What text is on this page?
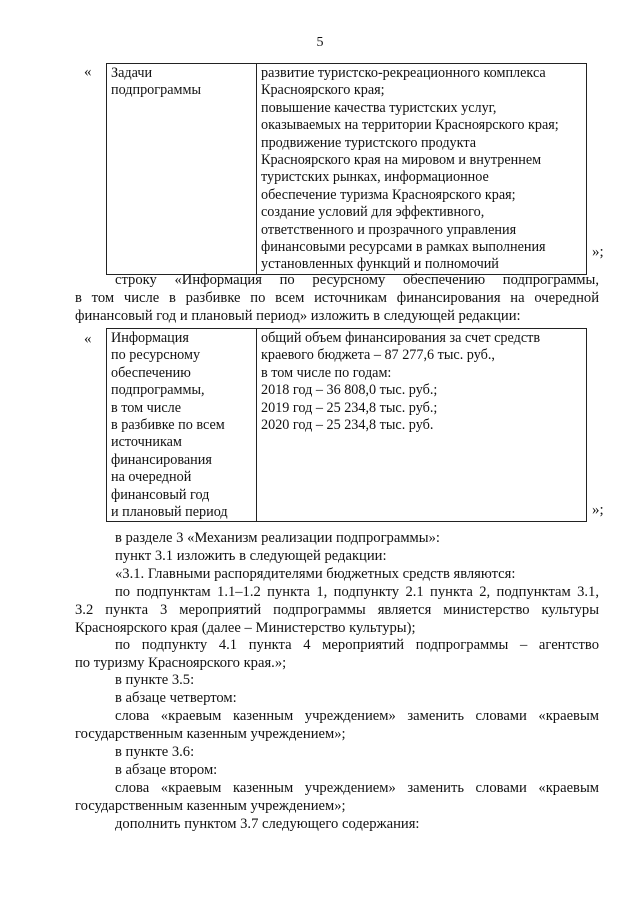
5
« Задачи
подпрограммы

развитие туристско-рекреационного комплекса
Красноярского края;
повышение качества туристских услуг,
оказываемых на территории Красноярского края;
продвижение туристского продукта
Красноярского края на мировом и внутреннем
туристских рынках, информационное
обеспечение туризма Красноярского края;
создание условий для эффективного,
ответственного и прозрачного управления
финансовыми ресурсами в рамках выполнения
установленных функций и полномочий
»;
строку «Информация по ресурсному обеспечению подпрограммы,
в том числе в разбивке по всем источникам финансирования на очередной
финансовый год и плановый период» изложить в следующей редакции:
« Информация
по ресурсному
обеспечению
подпрограммы,
в том числе
в разбивке по всем
источникам
финансирования
на очередной
финансовый год
и плановый период

общий объем финансирования за счет средств
краевого бюджета – 87 277,6 тыс. руб.,
в том числе по годам:
2018 год – 36 808,0 тыс. руб.;
2019 год – 25 234,8 тыс. руб.;
2020 год – 25 234,8 тыс. руб.
»;
в разделе 3 «Механизм реализации подпрограммы»:
пункт 3.1 изложить в следующей редакции:
«3.1. Главными распорядителями бюджетных средств являются:
по подпунктам 1.1–1.2 пункта 1, подпункту 2.1 пункта 2, подпунктам 3.1,
3.2 пункта 3 мероприятий подпрограммы является министерство культуры
Красноярского края (далее – Министерство культуры);
по подпункту 4.1 пункта 4 мероприятий подпрограммы – агентство
по туризму Красноярского края.»;
в пункте 3.5:
в абзаце четвертом:
слова «краевым казенным учреждением» заменить словами «краевым
государственным казенным учреждением»;
в пункте 3.6:
в абзаце втором:
слова «краевым казенным учреждением» заменить словами «краевым
государственным казенным учреждением»;
дополнить пунктом 3.7 следующего содержания:
